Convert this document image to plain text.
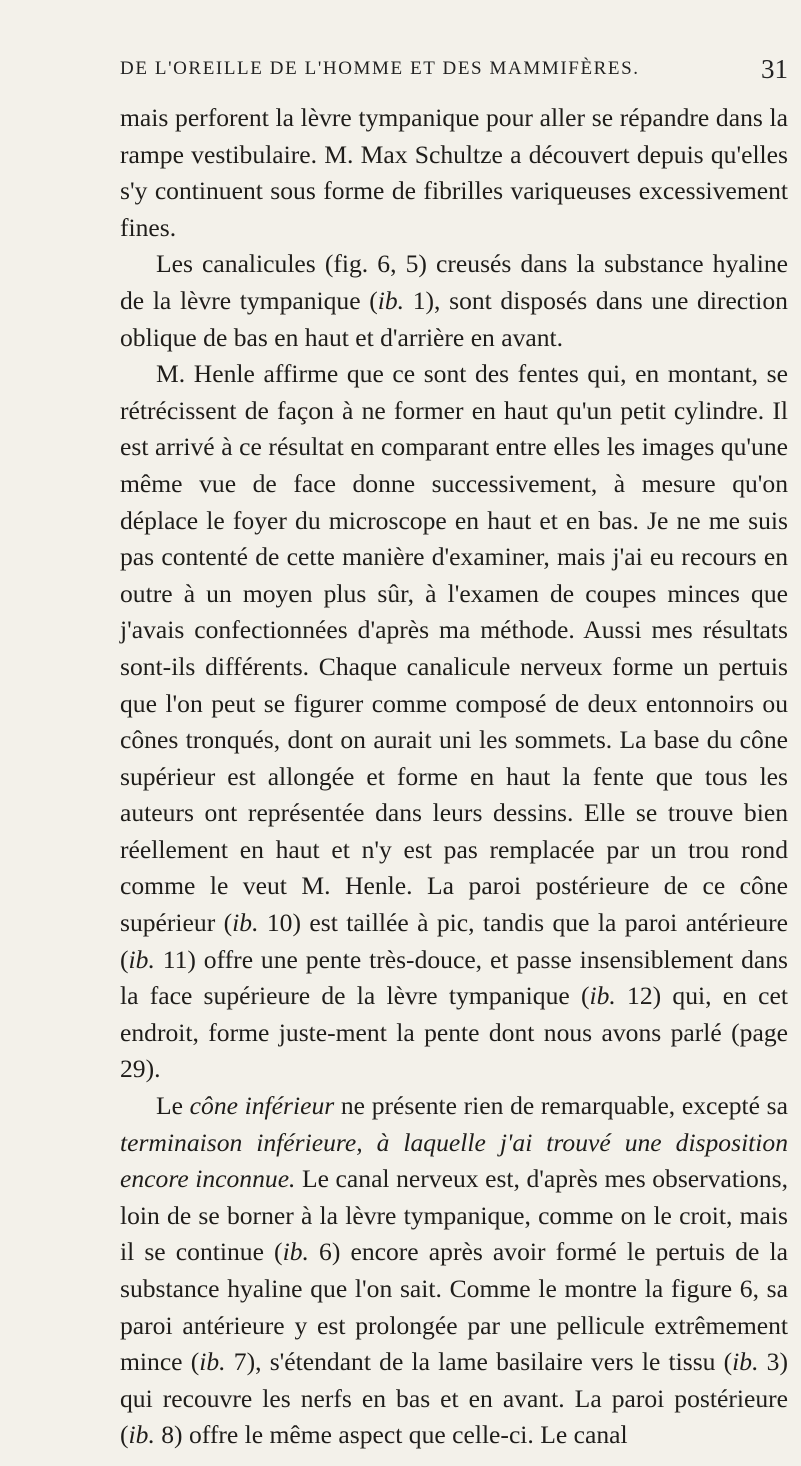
DE L'OREILLE DE L'HOMME ET DES MAMMIFÈRES.	31

mais perforent la lèvre tympanique pour aller se répandre dans la rampe vestibulaire. M. Max Schultze a découvert depuis qu'elles s'y continuent sous forme de fibrilles variqueuses excessivement fines.

Les canalicules (fig. 6, 5) creusés dans la substance hyaline de la lèvre tympanique (ib. 1), sont disposés dans une direction oblique de bas en haut et d'arrière en avant.

M. Henle affirme que ce sont des fentes qui, en montant, se rétrécissent de façon à ne former en haut qu'un petit cylindre. Il est arrivé à ce résultat en comparant entre elles les images qu'une même vue de face donne successivement, à mesure qu'on déplace le foyer du microscope en haut et en bas. Je ne me suis pas contenté de cette manière d'examiner, mais j'ai eu recours en outre à un moyen plus sûr, à l'examen de coupes minces que j'avais confectionnées d'après ma méthode. Aussi mes résultats sont-ils différents. Chaque canalicule nerveux forme un pertuis que l'on peut se figurer comme composé de deux entonnoirs ou cônes tronqués, dont on aurait uni les sommets. La base du cône supérieur est allongée et forme en haut la fente que tous les auteurs ont représentée dans leurs dessins. Elle se trouve bien réellement en haut et n'y est pas remplacée par un trou rond comme le veut M. Henle. La paroi postérieure de ce cône supérieur (ib. 10) est taillée à pic, tandis que la paroi antérieure (ib. 11) offre une pente très-douce, et passe insensiblement dans la face supérieure de la lèvre tympanique (ib. 12) qui, en cet endroit, forme juste-ment la pente dont nous avons parlé (page 29).

Le cône inférieur ne présente rien de remarquable, excepté sa terminaison inférieure, à laquelle j'ai trouvé une disposition encore inconnue. Le canal nerveux est, d'après mes observations, loin de se borner à la lèvre tympanique, comme on le croit, mais il se continue (ib. 6) encore après avoir formé le pertuis de la substance hyaline que l'on sait. Comme le montre la figure 6, sa paroi antérieure y est prolongée par une pellicule extrêmement mince (ib. 7), s'étendant de la lame basilaire vers le tissu (ib. 3) qui recouvre les nerfs en bas et en avant. La paroi postérieure (ib. 8) offre le même aspect que celle-ci. Le canal
